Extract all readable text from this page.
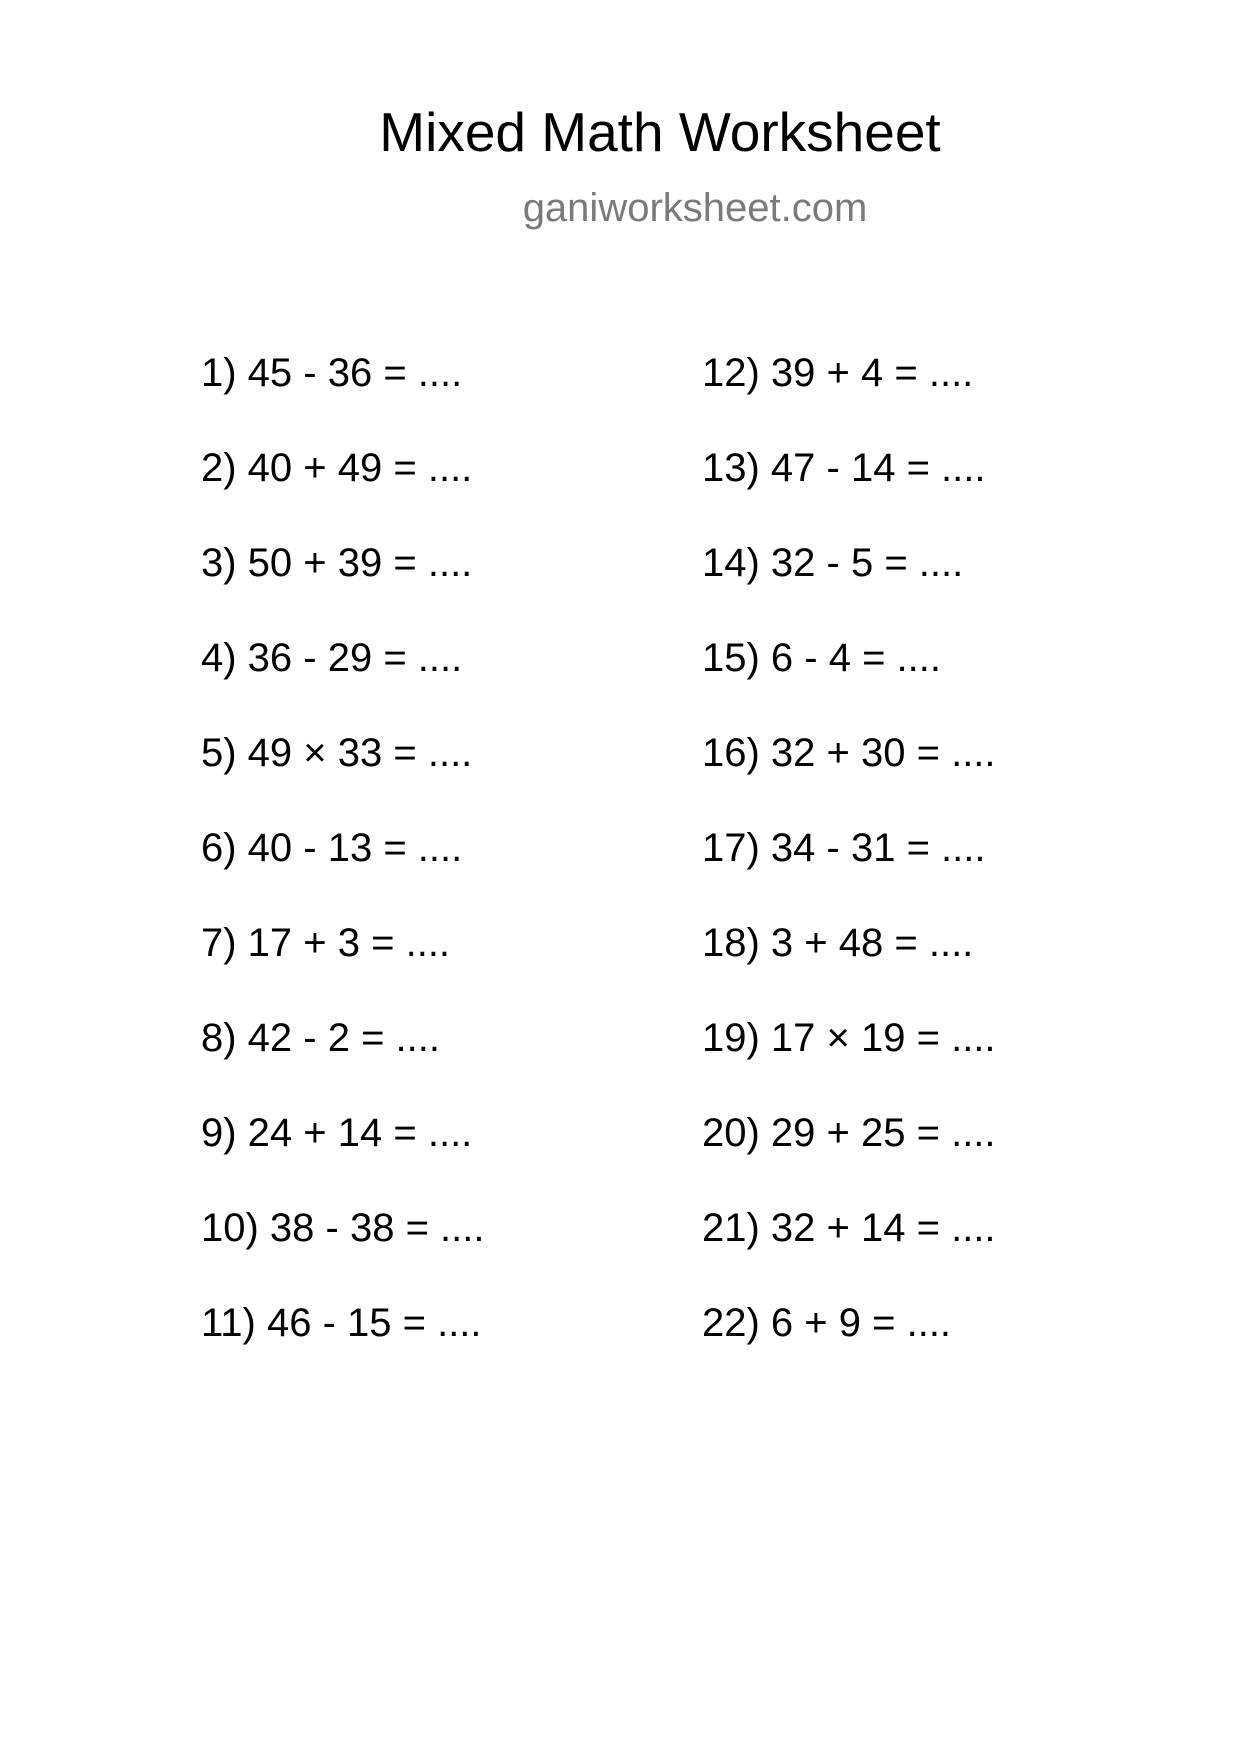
Mixed Math Worksheet
ganiworksheet.com
1) 45 - 36 = ....
2) 40 + 49 = ....
3) 50 + 39 = ....
4) 36 - 29 = ....
5) 49 × 33 = ....
6) 40 - 13 = ....
7) 17 + 3 = ....
8) 42 - 2 = ....
9) 24 + 14 = ....
10) 38 - 38 = ....
11) 46 - 15 = ....
12) 39 + 4 = ....
13) 47 - 14 = ....
14) 32 - 5 = ....
15) 6 - 4 = ....
16) 32 + 30 = ....
17) 34 - 31 = ....
18) 3 + 48 = ....
19) 17 × 19 = ....
20) 29 + 25 = ....
21) 32 + 14 = ....
22) 6 + 9 = ....
